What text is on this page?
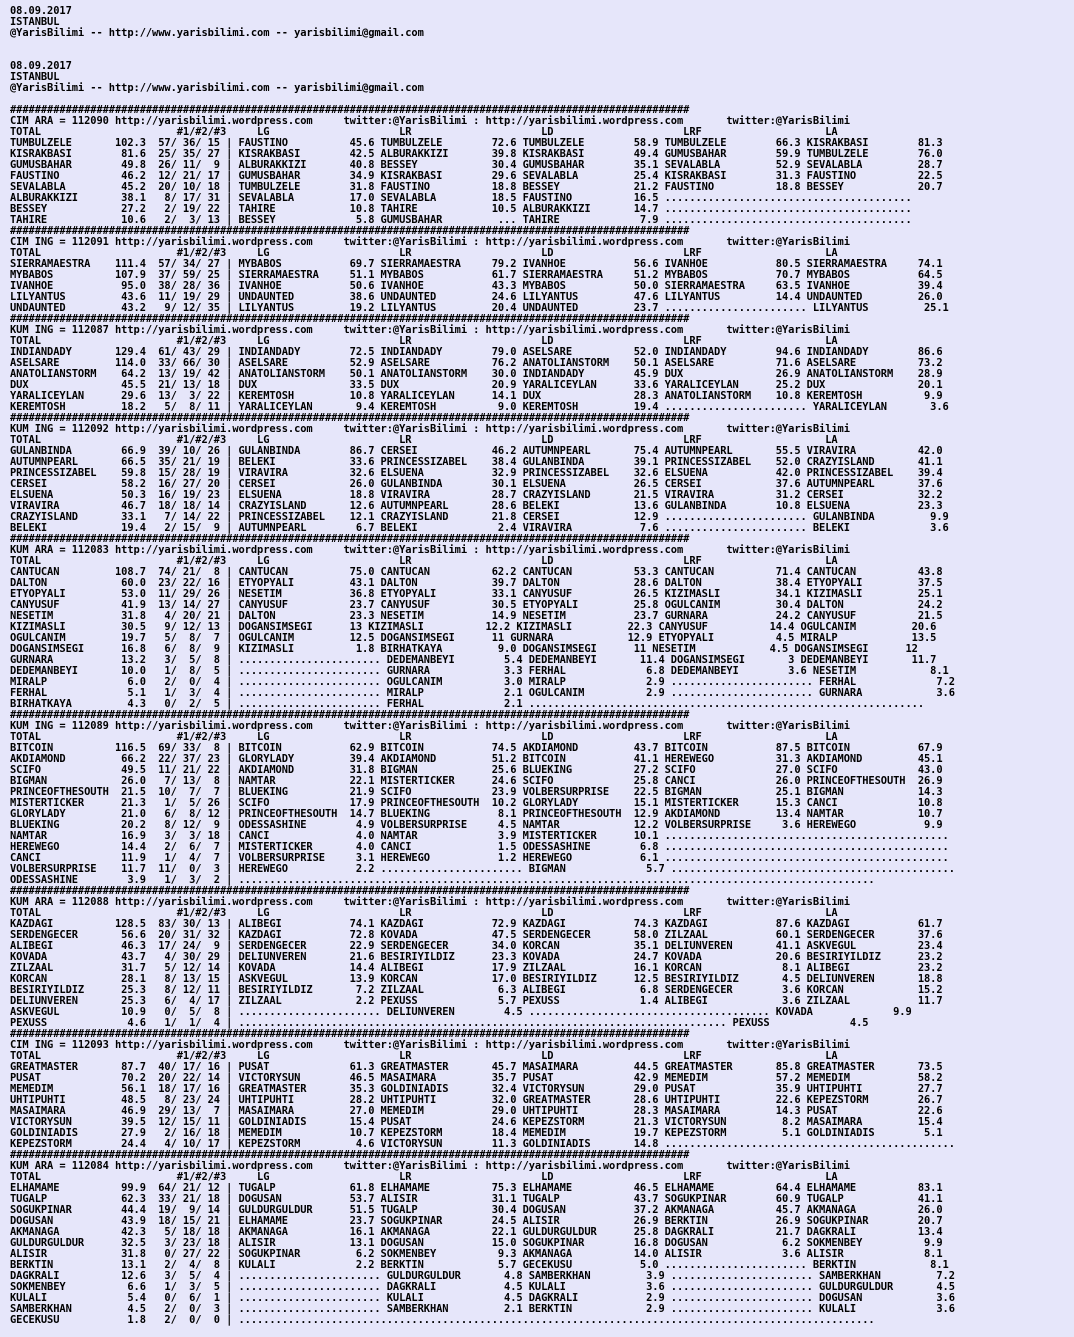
08.09.2017
ISTANBUL
@YarisBilimi -- http://www.yarisbilimi.com -- yarisbilimi@gmail.com

08.09.2017
ISTANBUL
@YarisBilimi -- http://www.yarisbilimi.com -- yarisbilimi@gmail.com

##############################################################################################################
CIM ARA = 112090 http://yarisbilimi.wordpress.com     twitter:@YarisBilimi : http://yarisbilimi.wordpress.com       twitter:@YarisBilimi
TOTAL                      #1/#2/#3     LG                     LR                     LD                     LRF                    LA
TUMBULZELE       102.3  57/ 36/ 15 | FAUSTINO          45.6 TUMBULZELE        72.6 TUMBULZELE        58.9 TUMBULZELE        66.3 KISRAKBASI        81.3
KISRAKBASI        81.6  25/ 35/ 27 | KISRAKBASI        42.5 ALBURAKKIZI       39.8 KISRAKBASI        49.4 GUMUSBAHAR        59.9 TUMBULZELE        76.0
GUMUSBAHAR        49.8  26/ 11/  9 | ALBURAKKIZI       40.8 BESSEY            30.4 GUMUSBAHAR        35.1 SEVALABLA         52.9 SEVALABLA         28.7
FAUSTINO          46.2  12/ 21/ 17 | GUMUSBAHAR        34.9 KISRAKBASI        29.6 SEVALABLA         25.4 KISRAKBASI        31.3 FAUSTINO          22.5
SEVALABLA         45.2  20/ 10/ 18 | TUMBULZELE        31.8 FAUSTINO          18.8 BESSEY            21.2 FAUSTINO          18.8 BESSEY            20.7
ALBURAKKIZI       38.1   8/ 17/ 31 | SEVALABLA         17.0 SEVALABLA         18.5 FAUSTINO          16.5 ........................................
BESSEY            27.2   2/ 19/ 22 | TAHIRE            10.8 TAHIRE            10.5 ALBURAKKIZI       14.7 ........................................
TAHIRE            10.6   2/  3/ 13 | BESSEY             5.8 GUMUSBAHAR         ... TAHIRE             7.9 ........................................
##############################################################################################################
CIM ING = 112091 http://yarisbilimi.wordpress.com     twitter:@YarisBilimi : http://yarisbilimi.wordpress.com       twitter:@YarisBilimi
TOTAL                      #1/#2/#3     LG                     LR                     LD                     LRF                    LA
SIERRAMAESTRA    111.4  57/ 34/ 27 | MYBABOS           69.7 SIERRAMAESTRA     79.2 IVANHOE           56.6 IVANHOE           80.5 SIERRAMAESTRA     74.1
MYBABOS          107.9  37/ 59/ 25 | SIERRAMAESTRA     51.1 MYBABOS           61.7 SIERRAMAESTRA     51.2 MYBABOS           70.7 MYBABOS           64.5
IVANHOE           95.0  38/ 28/ 36 | IVANHOE           50.6 IVANHOE           43.3 MYBABOS           50.0 SIERRAMAESTRA     63.5 IVANHOE           39.4
LILYANTUS         43.6  11/ 19/ 29 | UNDAUNTED         38.6 UNDAUNTED         24.6 LILYANTUS         47.6 LILYANTUS         14.4 UNDAUNTED         26.0
UNDAUNTED         43.2   9/ 12/ 35 | LILYANTUS         19.2 LILYANTUS         20.4 UNDAUNTED         23.7 ....................... LILYANTUS         25.1
##############################################################################################################
KUM ING = 112087 http://yarisbilimi.wordpress.com     twitter:@YarisBilimi : http://yarisbilimi.wordpress.com       twitter:@YarisBilimi
TOTAL                      #1/#2/#3     LG                     LR                     LD                     LRF                    LA
INDIANDADY       129.4  61/ 43/ 29 | INDIANDADY        72.5 INDIANDADY        79.0 ASELSARE          52.0 INDIANDADY        94.6 INDIANDADY        86.6
ASELSARE         114.0  33/ 66/ 30 | ASELSARE          52.9 ASELSARE          76.2 ANATOLIANSTORM    50.1 ASELSARE          71.6 ASELSARE          73.2
ANATOLIANSTORM    64.2  13/ 19/ 42 | ANATOLIANSTORM    50.1 ANATOLIANSTORM    30.0 INDIANDADY        45.9 DUX               26.9 ANATOLIANSTORM    28.9
DUX               45.5  21/ 13/ 18 | DUX               33.5 DUX               20.9 YARALICEYLAN      33.6 YARALICEYLAN      25.2 DUX               20.1
YARALICEYLAN      29.6  13/  3/ 22 | KEREMTOSH         10.8 YARALICEYLAN      14.1 DUX               28.3 ANATOLIANSTORM    10.8 KEREMTOSH          9.9
KEREMTOSH         18.2   5/  8/ 11 | YARALICEYLAN       9.4 KEREMTOSH          9.0 KEREMTOSH         19.4 ....................... YARALICEYLAN       3.6
##############################################################################################################
KUM ING = 112092 http://yarisbilimi.wordpress.com     twitter:@YarisBilimi : http://yarisbilimi.wordpress.com       twitter:@YarisBilimi
TOTAL                      #1/#2/#3     LG                     LR                     LD                     LRF                    LA
GULANBINDA        66.9  39/ 10/ 26 | GULANBINDA        86.7 CERSEI            46.2 AUTUMNPEARL       75.4 AUTUMNPEARL       55.5 VIRAVIRA          42.0
AUTUMNPEARL       66.5  35/ 21/ 19 | BELEKI            33.6 PRINCESSIZABEL    38.4 GULANBINDA        39.1 PRINCESSIZABEL    52.0 CRAZYISLAND       41.1
PRINCESSIZABEL    59.8  15/ 28/ 19 | VIRAVIRA          32.6 ELSUENA           32.9 PRINCESSIZABEL    32.6 ELSUENA           42.0 PRINCESSIZABEL    39.4
CERSEI            58.2  16/ 27/ 20 | CERSEI            26.0 GULANBINDA        30.1 ELSUENA           26.5 CERSEI            37.6 AUTUMNPEARL       37.6
ELSUENA           50.3  16/ 19/ 23 | ELSUENA           18.8 VIRAVIRA          28.7 CRAZYISLAND       21.5 VIRAVIRA          31.2 CERSEI            32.2
VIRAVIRA          46.7  18/ 18/ 14 | CRAZYISLAND       12.6 AUTUMNPEARL       28.6 BELEKI            13.6 GULANBINDA        10.8 ELSUENA           23.3
CRAZYISLAND       33.1   7/ 14/ 22 | PRINCESSIZABEL    12.1 CRAZYISLAND       21.8 CERSEI            12.9 ....................... GULANBINDA         9.9
BELEKI            19.4   2/ 15/  9 | AUTUMNPEARL        6.7 BELEKI             2.4 VIRAVIRA           7.6 ....................... BELEKI             3.6
##############################################################################################################
KUM ARA = 112083 http://yarisbilimi.wordpress.com     twitter:@YarisBilimi : http://yarisbilimi.wordpress.com       twitter:@YarisBilimi
TOTAL                      #1/#2/#3     LG                     LR                     LD                     LRF                    LA
CANTUCAN         108.7  74/ 21/  8 | CANTUCAN          75.0 CANTUCAN          62.2 CANTUCAN          53.3 CANTUCAN          71.4 CANTUCAN          43.8
DALTON            60.0  23/ 22/ 16 | ETYOPYALI         43.1 DALTON            39.7 DALTON            28.6 DALTON            38.4 ETYOPYALI         37.5
ETYOPYALI         53.0  11/ 29/ 26 | NESETIM           36.8 ETYOPYALI         33.1 CANYUSUF          26.5 KIZIMASLI         34.1 KIZIMASLI         25.1
CANYUSUF          41.9  13/ 14/ 27 | CANYUSUF          23.7 CANYUSUF          30.5 ETYOPYALI         25.8 OGULCANIM         30.4 DALTON            24.2
NESETIM           31.8   4/ 20/ 21 | DALTON            23.3 NESETIM           14.9 NESETIM           23.7 GURNARA           24.2 CANYUSUF          21.5
KIZIMASLI         30.5   9/ 12/ 13 | DOGANSIMSEGI      13 KIZIMASLI          12.2 KIZIMASLI         22.3 CANYUSUF          14.4 OGULCANIM         20.6
OGULCANIM         19.7   5/  8/  7 | OGULCANIM         12.5 DOGANSIMSEGI      11 GURNARA            12.9 ETYOPYALI          4.5 MIRALP            13.5
DOGANSIMSEGI      16.8   6/  8/  9 | KIZIMASLI          1.8 BIRHATKAYA         9.0 DOGANSIMSEGI      11 NESETIM            4.5 DOGANSIMSEGI      12
GURNARA           13.2   3/  5/  8 | ....................... DEDEMANBEYI        5.4 DEDEMANBEYI       11.4 DOGANSIMSEGI       3 DEDEMANBEYI       11.7
DEDEMANBEYI       10.0   1/  8/  5 | ....................... GURNARA            3.3 FERHAL             6.8 DEDEMANBEYI        3.6 NESETIM            8.1
MIRALP             6.0   2/  0/  4 | ....................... OGULCANIM          3.0 MIRALP             2.9 ....................... FERHAL             7.2
FERHAL             5.1   1/  3/  4 | ....................... MIRALP             2.1 OGULCANIM          2.9 ....................... GURNARA            3.6
BIRHATKAYA         4.3   0/  2/  5 | ....................... FERHAL             2.1 ................................................................
##############################################################################################################
KUM ING = 112089 http://yarisbilimi.wordpress.com     twitter:@YarisBilimi : http://yarisbilimi.wordpress.com       twitter:@YarisBilimi
TOTAL                      #1/#2/#3     LG                     LR                     LD                     LRF                    LA
BITCOIN          116.5  69/ 33/  8 | BITCOIN           62.9 BITCOIN           74.5 AKDIAMOND         43.7 BITCOIN           87.5 BITCOIN           67.9
AKDIAMOND         66.2  22/ 37/ 23 | GLORYLADY         39.4 AKDIAMOND         51.2 BITCOIN           41.1 HEREWEGO          31.3 AKDIAMOND         45.1
SCIFO             49.5  11/ 21/ 22 | AKDIAMOND         31.8 BIGMAN            25.6 BLUEKING          27.2 SCIFO             27.0 SCIFO             43.0
BIGMAN            26.0   7/ 13/  8 | NAMTAR            22.1 MISTERTICKER      24.6 SCIFO             25.8 CANCI             26.0 PRINCEOFTHESOUTH  26.9
PRINCEOFTHESOUTH  21.5  10/  7/  7 | BLUEKING          21.9 SCIFO             23.9 VOLBERSURPRISE    22.5 BIGMAN            25.1 BIGMAN            14.3
MISTERTICKER      21.3   1/  5/ 26 | SCIFO             17.9 PRINCEOFTHESOUTH  10.2 GLORYLADY         15.1 MISTERTICKER      15.3 CANCI             10.8
GLORYLADY         21.0   6/  8/ 12 | PRINCEOFTHESOUTH  14.7 BLUEKING           8.1 PRINCEOFTHESOUTH  12.9 AKDIAMOND         13.4 NAMTAR            10.7
BLUEKING          20.2   8/ 12/  9 | ODESSASHINE        4.9 VOLBERSURPRISE     4.5 NAMTAR            12.2 VOLBERSURPRISE     3.6 HEREWEGO           9.9
NAMTAR            16.9   3/  3/ 18 | CANCI              4.0 NAMTAR             3.9 MISTERTICKER      10.1 ..............................................
HEREWEGO          14.4   2/  6/  7 | MISTERTICKER       4.0 CANCI              1.5 ODESSASHINE        6.8 ..............................................
CANCI             11.9   1/  4/  7 | VOLBERSURPRISE     3.1 HEREWEGO           1.2 HEREWEGO           6.1 ..............................................
VOLBERSURPRISE    11.7  11/  0/  3 | HEREWEGO           2.2 ....................... BIGMAN             5.7 ..............................................
ODESSASHINE        3.9   1/  3/  2 | .......................................................................................................
##############################################################################################################
KUM ARA = 112088 http://yarisbilimi.wordpress.com     twitter:@YarisBilimi : http://yarisbilimi.wordpress.com       twitter:@YarisBilimi
TOTAL                      #1/#2/#3     LG                     LR                     LD                     LRF                    LA
KAZDAGI          128.5  83/ 30/ 13 | ALIBEGI           74.1 KAZDAGI           72.9 KAZDAGI           74.3 KAZDAGI           87.6 KAZDAGI           61.7
SERDENGECER       56.6  20/ 31/ 32 | KAZDAGI           72.8 KOVADA            47.5 SERDENGECER       58.0 ZILZAAL           60.1 SERDENGECER       37.6
ALIBEGI           46.3  17/ 24/  9 | SERDENGECER       22.9 SERDENGECER       34.0 KORCAN            35.1 DELIUNVEREN       41.1 ASKVEGUL          23.4
KOVADA            43.7   4/ 30/ 29 | DELIUNVEREN       21.6 BESIRIYILDIZ      23.3 KOVADA            24.7 KOVADA            20.6 BESIRIYILDIZ      23.2
ZILZAAL           31.7   5/ 12/ 14 | KOVADA            14.4 ALIBEGI           17.9 ZILZAAL           16.1 KORCAN             8.1 ALIBEGI           23.2
KORCAN            28.1   8/ 13/ 15 | ASKVEGUL          13.9 KORCAN            17.0 BESIRIYILDIZ      12.5 BESIRIYILDIZ       4.5 DELIUNVEREN       18.8
BESIRIYILDIZ      25.3   8/ 12/ 11 | BESIRIYILDIZ       7.2 ZILZAAL            6.3 ALIBEGI            6.8 SERDENGECER        3.6 KORCAN            15.2
DELIUNVEREN       25.3   6/  4/ 17 | ZILZAAL            2.2 PEXUSS             5.7 PEXUSS             1.4 ALIBEGI            3.6 ZILZAAL           11.7
ASKVEGUL          10.9   0/  5/  8 | ....................... DELIUNVEREN        4.5 ....................................... KOVADA             9.9
PEXUSS             4.6   1/  1/  4 | ............................................................................... PEXUSS             4.5
##############################################################################################################
CIM ING = 112093 http://yarisbilimi.wordpress.com     twitter:@YarisBilimi : http://yarisbilimi.wordpress.com       twitter:@YarisBilimi
TOTAL                      #1/#2/#3     LG                     LR                     LD                     LRF                    LA
GREATMASTER       87.7  40/ 17/ 16 | PUSAT             61.3 GREATMASTER       45.7 MASAIMARA         44.5 GREATMASTER       85.8 GREATMASTER       73.5
PUSAT             70.2  20/ 22/ 14 | VICTORYSUN        46.5 MASAIMARA         35.7 PUSAT             42.9 MEMEDIM           57.2 MEMEDIM           58.2
MEMEDIM           56.1  18/ 17/ 16 | GREATMASTER       35.3 GOLDINIADIS       32.4 VICTORYSUN        29.0 PUSAT             35.9 UHTIPUHTI         27.7
UHTIPUHTI         48.5   8/ 23/ 24 | UHTIPUHTI         28.2 UHTIPUHTI         32.0 GREATMASTER       28.6 UHTIPUHTI         22.6 KEPEZSTORM        26.7
MASAIMARA         46.9  29/ 13/  7 | MASAIMARA         27.0 MEMEDIM           29.0 UHTIPUHTI         28.3 MASAIMARA         14.3 PUSAT             22.6
VICTORYSUN        39.5  12/ 15/ 11 | GOLDINIADIS       15.4 PUSAT             24.6 KEPEZSTORM        21.3 VICTORYSUN         8.2 MASAIMARA         15.4
GOLDINIADIS       27.9   2/ 16/ 18 | MEMEDIM           10.7 KEPEZSTORM        18.4 MEMEDIM           19.7 KEPEZSTORM         5.1 GOLDINIADIS        5.1
KEPEZSTORM        24.4   4/ 10/ 17 | KEPEZSTORM         4.6 VICTORYSUN        11.3 GOLDINIADIS       14.8 ...............................................
##############################################################################################################
KUM ARA = 112084 http://yarisbilimi.wordpress.com     twitter:@YarisBilimi : http://yarisbilimi.wordpress.com       twitter:@YarisBilimi
TOTAL                      #1/#2/#3     LG                     LR                     LD                     LRF                    LA
ELHAMAME          99.9  64/ 21/ 12 | TUGALP            61.8 ELHAMAME          75.3 ELHAMAME          46.5 ELHAMAME          64.4 ELHAMAME          83.1
TUGALP            62.3  33/ 21/ 18 | DOGUSAN           53.7 ALISIR            31.1 TUGALP            43.7 SOGUKPINAR        60.9 TUGALP            41.1
SOGUKPINAR        44.4  19/  9/ 14 | GULDURGULDUR      51.5 TUGALP            30.4 DOGUSAN           37.2 AKMANAGA          45.7 AKMANAGA          26.0
DOGUSAN           43.9  18/ 15/ 21 | ELHAMAME          23.7 SOGUKPINAR        24.5 ALISIR            26.9 BERKTIN           26.9 SOGUKPINAR        20.7
AKMANAGA          42.3   5/ 18/ 18 | AKMANAGA          16.1 AKMANAGA          22.1 GULDURGULDUR      25.8 DAGKRALI          21.7 DAGKRALI          13.4
GULDURGULDUR      32.5   3/ 23/ 18 | ALISIR            13.1 DOGUSAN           15.0 SOGUKPINAR        16.8 DOGUSAN            6.2 SOKMENBEY          9.9
ALISIR            31.8   0/ 27/ 22 | SOGUKPINAR         6.2 SOKMENBEY          9.3 AKMANAGA          14.0 ALISIR             3.6 ALISIR             8.1
BERKTIN           13.1   2/  4/  8 | KULALI             2.2 BERKTIN            5.7 GECEKUSU           5.0 ....................... BERKTIN            8.1
DAGKRALI          12.6   3/  5/  4 | ....................... GULDURGULDUR       4.8 SAMBERKHAN         3.9 ....................... SAMBERKHAN         7.2
SOKMENBEY          6.6   1/  3/  5 | ....................... DAGKRALI           4.5 KULALI             3.6 ....................... GULDURGULDUR       4.5
KULALI             5.4   0/  6/  1 | ....................... KULALI             4.5 DAGKRALI           2.9 ....................... DOGUSAN            3.6
SAMBERKHAN         4.5   2/  0/  3 | ....................... SAMBERKHAN         2.1 BERKTIN            2.9 ....................... KULALI             3.6
GECEKUSU           1.8   2/  0/  0 | .......................................................................................................
